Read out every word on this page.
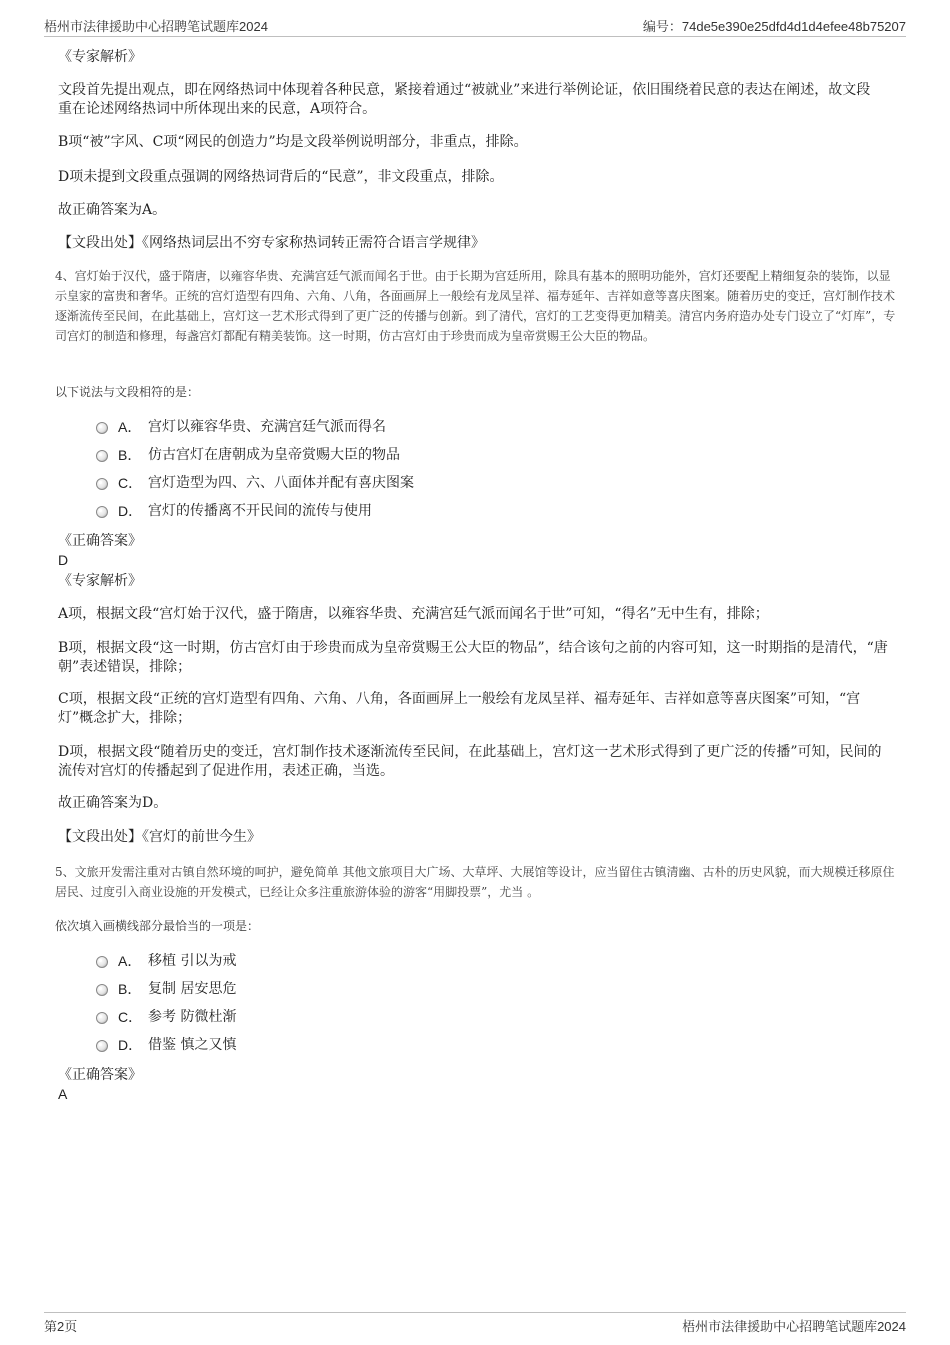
梧州市法律援助中心招聘笔试题库2024	编号：74de5e390e25dfd4d1d4efee48b75207

《专家解析》

文段首先提出观点，即在网络热词中体现着各种民意，紧接着通过“被就业”来进行举例论证，依旧围绕着民意的表达在阐述，故文段重在论述网络热词中所体现出来的民意，A项符合。

B项“被”字风、C项“网民的创造力”均是文段举例说明部分，非重点，排除。

D项未提到文段重点强调的网络热词背后的“民意”，非文段重点，排除。

故正确答案为A。

【文段出处】《网络热词层出不穷专家称热词转正需符合语言学规律》

4、宫灯始于汉代，盛于隋唐，以雍容华贵、充满宫廷气派而闻名于世。由于长期为宫廷所用，除具有基本的照明功能外，宫灯还要配上精细复杂的装饰，以显示皇家的富贵和奢华。正统的宫灯造型有四角、六角、八角，各面画屏上一般绘有龙凤呈祥、福寿延年、吉祥如意等喜庆图案。随着历史的变迁，宫灯制作技术逐渐流传至民间，在此基础上，宫灯这一艺术形式得到了更广泛的传播与创新。到了清代，宫灯的工艺变得更加精美。清宫内务府造办处专门设立了“灯库”，专司宫灯的制造和修理，每盏宫灯都配有精美装饰。这一时期，仿古宫灯由于珍贵而成为皇帝赏赐王公大臣的物品。

以下说法与文段相符的是：

A． 宫灯以雍容华贵、充满宫廷气派而得名
B． 仿古宫灯在唐朝成为皇帝赏赐大臣的物品
C． 宫灯造型为四、六、八面体并配有喜庆图案
D． 宫灯的传播离不开民间的流传与使用

《正确答案》

D

《专家解析》

A项，根据文段“宫灯始于汉代，盛于隋唐，以雍容华贵、充满宫廷气派而闻名于世”可知，“得名”无中生有，排除；

B项，根据文段“这一时期，仿古宫灯由于珍贵而成为皇帝赏赐王公大臣的物品”，结合该句之前的内容可知，这一时期指的是清代，“唐朝”表述错误，排除；

C项，根据文段“正统的宫灯造型有四角、六角、八角，各面画屏上一般绘有龙凤呈祥、福寿延年、吉祥如意等喜庆图案”可知，“宫灯”概念扩大，排除；

D项，根据文段“随着历史的变迁，宫灯制作技术逐渐流传至民间，在此基础上，宫灯这一艺术形式得到了更广泛的传播”可知，民间的流传对宫灯的传播起到了促进作用，表述正确，当选。

故正确答案为D。

【文段出处】《宫灯的前世今生》

5、文旅开发需注重对古镇自然环境的呵护，避免简单 其他文旅项目大广场、大草坪、大展馆等设计，应当留住古镇清幽、古朴的历史风貌，而大规模迁移原住居民、过度引入商业设施的开发模式，已经让众多注重旅游体验的游客“用脚投票”，尤当 。

依次填入画横线部分最恰当的一项是：

A． 移植 引以为戒
B． 复制 居安思危
C． 参考 防微杜渐
D． 借鉴 慎之又慎

《正确答案》

A

第2页	梧州市法律援助中心招聘笔试题库2024
